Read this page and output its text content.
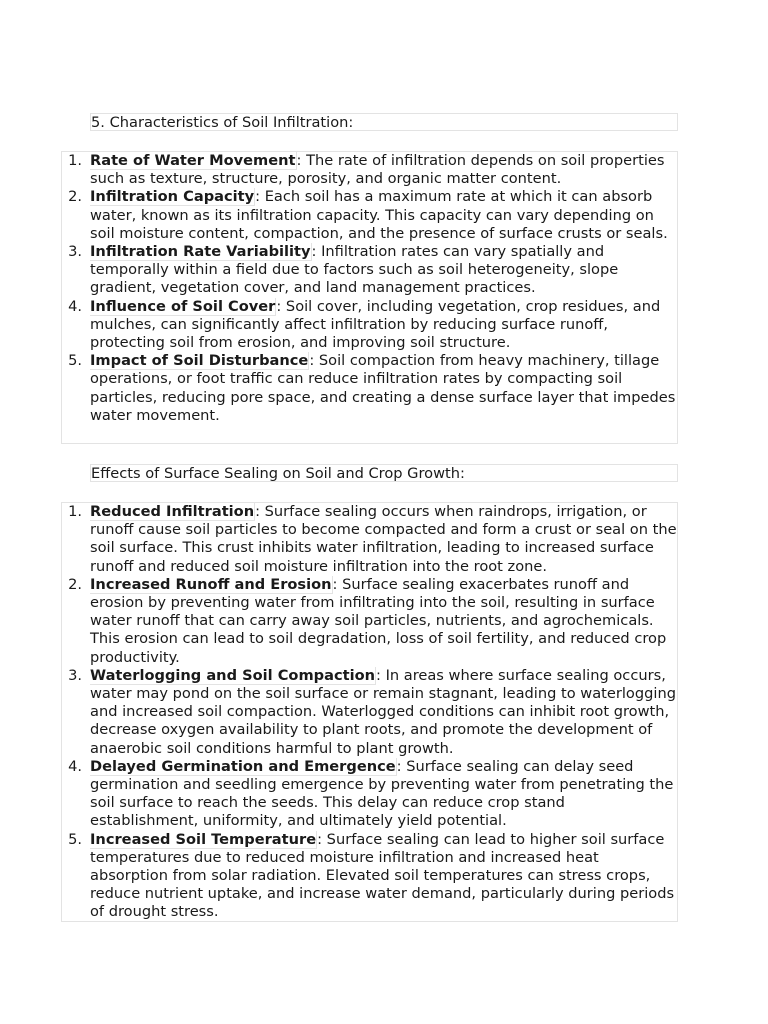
5. Characteristics of Soil Infiltration:
1. Rate of Water Movement: The rate of infiltration depends on soil properties such as texture, structure, porosity, and organic matter content.
2. Infiltration Capacity: Each soil has a maximum rate at which it can absorb water, known as its infiltration capacity. This capacity can vary depending on soil moisture content, compaction, and the presence of surface crusts or seals.
3. Infiltration Rate Variability: Infiltration rates can vary spatially and temporally within a field due to factors such as soil heterogeneity, slope gradient, vegetation cover, and land management practices.
4. Influence of Soil Cover: Soil cover, including vegetation, crop residues, and mulches, can significantly affect infiltration by reducing surface runoff, protecting soil from erosion, and improving soil structure.
5. Impact of Soil Disturbance: Soil compaction from heavy machinery, tillage operations, or foot traffic can reduce infiltration rates by compacting soil particles, reducing pore space, and creating a dense surface layer that impedes water movement.
Effects of Surface Sealing on Soil and Crop Growth:
1. Reduced Infiltration: Surface sealing occurs when raindrops, irrigation, or runoff cause soil particles to become compacted and form a crust or seal on the soil surface. This crust inhibits water infiltration, leading to increased surface runoff and reduced soil moisture infiltration into the root zone.
2. Increased Runoff and Erosion: Surface sealing exacerbates runoff and erosion by preventing water from infiltrating into the soil, resulting in surface water runoff that can carry away soil particles, nutrients, and agrochemicals. This erosion can lead to soil degradation, loss of soil fertility, and reduced crop productivity.
3. Waterlogging and Soil Compaction: In areas where surface sealing occurs, water may pond on the soil surface or remain stagnant, leading to waterlogging and increased soil compaction. Waterlogged conditions can inhibit root growth, decrease oxygen availability to plant roots, and promote the development of anaerobic soil conditions harmful to plant growth.
4. Delayed Germination and Emergence: Surface sealing can delay seed germination and seedling emergence by preventing water from penetrating the soil surface to reach the seeds. This delay can reduce crop stand establishment, uniformity, and ultimately yield potential.
5. Increased Soil Temperature: Surface sealing can lead to higher soil surface temperatures due to reduced moisture infiltration and increased heat absorption from solar radiation. Elevated soil temperatures can stress crops, reduce nutrient uptake, and increase water demand, particularly during periods of drought stress.
